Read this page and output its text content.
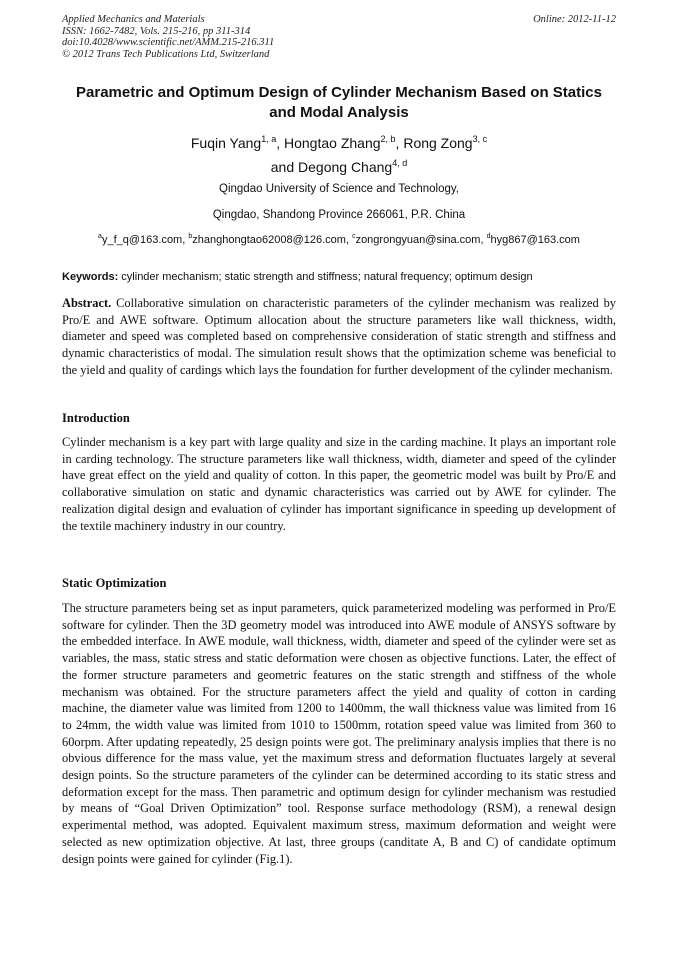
Applied Mechanics and Materials	Online: 2012-11-12
ISSN: 1662-7482, Vols. 215-216, pp 311-314
doi:10.4028/www.scientific.net/AMM.215-216.311
© 2012 Trans Tech Publications Ltd, Switzerland
Parametric and Optimum Design of Cylinder Mechanism Based on Statics and Modal Analysis
Fuqin Yang$^{1, a}$, Hongtao Zhang$^{2, b}$, Rong Zong$^{3, c}$
and Degong Chang$^{4, d}$
Qingdao University of Science and Technology,
Qingdao, Shandong Province 266061, P.R. China
$^a$y_f_q@163.com, $^b$zhanghongtao62008@126.com, $^c$zongrongyuan@sina.com, $^d$hyg867@163.com
Keywords: cylinder mechanism; static strength and stiffness; natural frequency; optimum design
Abstract. Collaborative simulation on characteristic parameters of the cylinder mechanism was realized by Pro/E and AWE software. Optimum allocation about the structure parameters like wall thickness, width, diameter and speed was completed based on comprehensive consideration of static strength and stiffness and dynamic characteristics of modal. The simulation result shows that the optimization scheme was beneficial to the yield and quality of cardings which lays the foundation for further development of the cylinder mechanism.
Introduction
Cylinder mechanism is a key part with large quality and size in the carding machine. It plays an important role in carding technology. The structure parameters like wall thickness, width, diameter and speed of the cylinder have great effect on the yield and quality of cotton. In this paper, the geometric model was built by Pro/E and collaborative simulation on static and dynamic characteristics was carried out by AWE for cylinder. The realization digital design and evaluation of cylinder has important significance in speeding up development of the textile machinery industry in our country.
Static Optimization
The structure parameters being set as input parameters, quick parameterized modeling was performed in Pro/E software for cylinder. Then the 3D geometry model was introduced into AWE module of ANSYS software by the embedded interface. In AWE module, wall thickness, width, diameter and speed of the cylinder were set as variables, the mass, static stress and static deformation were chosen as objective functions. Later, the effect of the former structure parameters and geometric features on the static strength and stiffness of the whole mechanism was obtained. For the structure parameters affect the yield and quality of cotton in carding machine, the diameter value was limited from 1200 to 1400mm, the wall thickness value was limited from 16 to 24mm, the width value was limited from 1010 to 1500mm, rotation speed value was limited from 360 to 60orpm. After updating repeatedly, 25 design points were got. The preliminary analysis implies that there is no obvious difference for the mass value, yet the maximum stress and deformation fluctuates largely at several design points. So the structure parameters of the cylinder can be determined according to its static stress and deformation except for the mass. Then parametric and optimum design for cylinder mechanism was restudied by means of “Goal Driven Optimization” tool. Response surface methodology (RSM), a renewal design experimental method, was adopted. Equivalent maximum stress, maximum deformation and weight were selected as new optimization objective. At last, three groups (canditate A, B and C) of candidate optimum design points were gained for cylinder (Fig.1).
